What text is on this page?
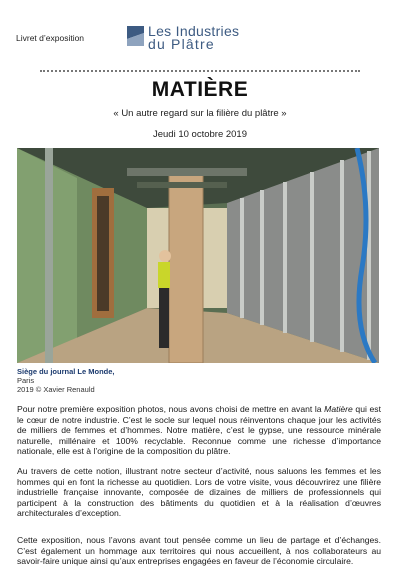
Livret d’exposition	Les Industries
du Plâtre
MATIÈRE
« Un autre regard sur la filière du plâtre »
Jeudi 10 octobre 2019
Siège du journal Le Monde,
Paris
2019 © Xavier Renauld

Pour notre première exposition photos, nous avons choisi de mettre en avant la Matière qui est le cœur de notre industrie. C’est le socle sur lequel nous réinventons chaque jour les activités de milliers de femmes et d’hommes. Notre matière, c’est le gypse, une ressource minérale naturelle, millénaire et 100% recyclable. Reconnue comme une richesse d’importance nationale, elle est à l’origine de la composition du plâtre.

Au travers de cette notion, illustrant notre secteur d’activité, nous saluons les femmes et les hommes qui en font la richesse au quotidien. Lors de votre visite, vous découvrirez une filière industrielle française innovante, composée de dizaines de milliers de professionnels qui participent à la construction des bâtiments du quotidien et à la réalisation d’œuvres architecturales d’exception.

Cette exposition, nous l’avons avant tout pensée comme un lieu de partage et d’échanges. C’est également un hommage aux territoires qui nous accueillent, à nos collaborateurs au savoir-faire unique ainsi qu’aux entreprises engagées en faveur de l’économie circulaire.
